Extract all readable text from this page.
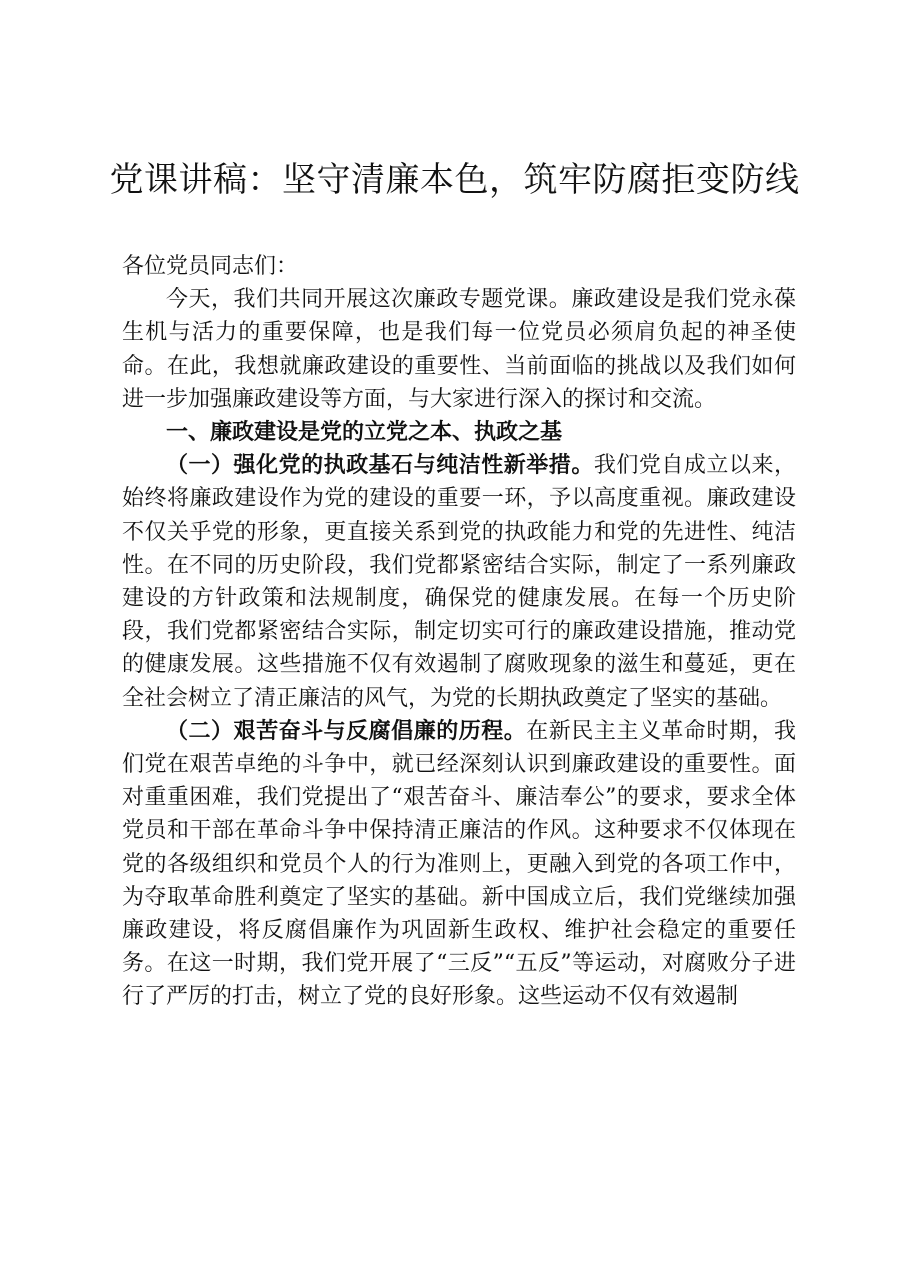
党课讲稿：坚守清廉本色，筑牢防腐拒变防线

各位党员同志们：

今天，我们共同开展这次廉政专题党课。廉政建设是我们党永葆生机与活力的重要保障，也是我们每一位党员必须肩负起的神圣使命。在此，我想就廉政建设的重要性、当前面临的挑战以及我们如何进一步加强廉政建设等方面，与大家进行深入的探讨和交流。

一、廉政建设是党的立党之本、执政之基

（一）强化党的执政基石与纯洁性新举措。我们党自成立以来，始终将廉政建设作为党的建设的重要一环，予以高度重视。廉政建设不仅关乎党的形象，更直接关系到党的执政能力和党的先进性、纯洁性。在不同的历史阶段，我们党都紧密结合实际，制定了一系列廉政建设的方针政策和法规制度，确保党的健康发展。在每一个历史阶段，我们党都紧密结合实际，制定切实可行的廉政建设措施，推动党的健康发展。这些措施不仅有效遏制了腐败现象的滋生和蔓延，更在全社会树立了清正廉洁的风气，为党的长期执政奠定了坚实的基础。

（二）艰苦奋斗与反腐倡廉的历程。在新民主主义革命时期，我们党在艰苦卓绝的斗争中，就已经深刻认识到廉政建设的重要性。面对重重困难，我们党提出了“艰苦奋斗、廉洁奉公”的要求，要求全体党员和干部在革命斗争中保持清正廉洁的作风。这种要求不仅体现在党的各级组织和党员个人的行为准则上，更融入到党的各项工作中，为夺取革命胜利奠定了坚实的基础。新中国成立后，我们党继续加强廉政建设，将反腐倡廉作为巩固新生政权、维护社会稳定的重要任务。在这一时期，我们党开展了“三反”“五反”等运动，对腐败分子进行了严厉的打击，树立了党的良好形象。这些运动不仅有效遏制
